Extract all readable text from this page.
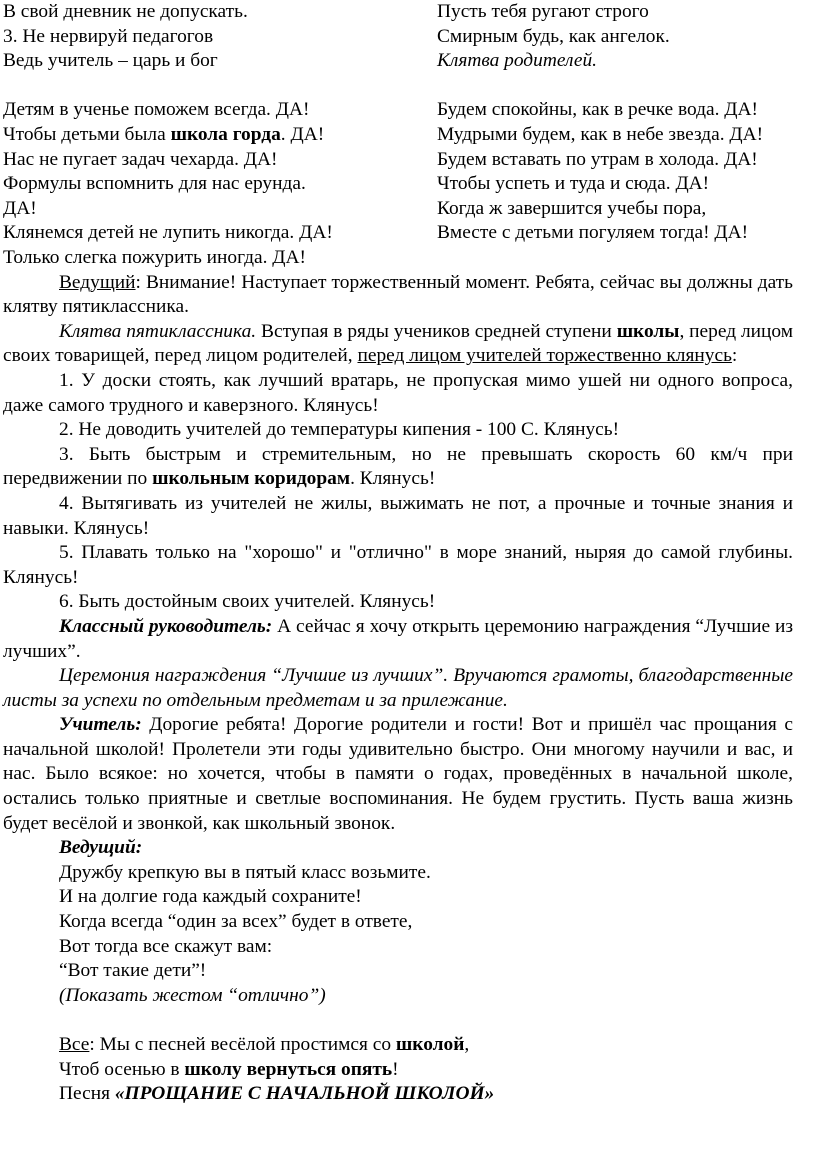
В свой дневник не допускать.
3. Не нервируй педагогов
Ведь учитель – царь и бог
Детям в ученье поможем всегда. ДА!
Чтобы детьми была школа горда. ДА!
Нас не пугает задач чехарда. ДА!
Формулы вспомнить для нас ерунда.
ДА!
Клянемся детей не лупить никогда. ДА!
Только слегка пожурить иногда. ДА!
Пусть тебя ругают строго
Смирным будь, как ангелок.
Клятва родителей.
Будем спокойны, как в речке вода. ДА!
Мудрыми будем, как в небе звезда. ДА!
Будем вставать по утрам в холода. ДА!
Чтобы успеть и туда и сюда. ДА!
Когда ж завершится учебы пора,
Вместе с детьми погуляем тогда! ДА!

Ведущий: Внимание! Наступает торжественный момент. Ребята, сейчас вы должны дать клятву пятиклассника.

Клятва пятиклассника. Вступая в ряды учеников средней ступени школы, перед лицом своих товарищей, перед лицом родителей, перед лицом учителей торжественно клянусь:

1. У доски стоять, как лучший вратарь, не пропуская мимо ушей ни одного вопроса, даже самого трудного и каверзного. Клянусь!

2. Не доводить учителей до температуры кипения - 100 С. Клянусь!

3. Быть быстрым и стремительным, но не превышать скорость 60 км/ч при передвижении по школьным коридорам. Клянусь!

4. Вытягивать из учителей не жилы, выжимать не пот, а прочные и точные знания и навыки. Клянусь!

5. Плавать только на "хорошо" и "отлично" в море знаний, ныряя до самой глубины. Клянусь!

6. Быть достойным своих учителей. Клянусь!

Классный руководитель: А сейчас я хочу открыть церемонию награждения “Лучшие из лучших”.

Церемония награждения “Лучшие из лучших”. Вручаются грамоты, благодарственные листы за успехи по отдельным предметам и за прилежание.

Учитель: Дорогие ребята! Дорогие родители и гости! Вот и пришёл час прощания с начальной школой! Пролетели эти годы удивительно быстро. Они многому научили и вас, и нас. Было всякое: но хочется, чтобы в памяти о годах, проведённых в начальной школе, остались только приятные и светлые воспоминания. Не будем грустить. Пусть ваша жизнь будет весёлой и звонкой, как школьный звонок.

Ведущий:

Дружбу крепкую вы в пятый класс возьмите.

И на долгие года каждый сохраните!

Когда всегда “один за всех” будет в ответе,

Вот тогда все скажут вам:

“Вот такие дети”!

(Показать жестом “отлично”)

Все: Мы с песней весёлой простимся со школой,

Чтоб осенью в школу вернуться опять!

Песня «ПРОЩАНИЕ С НАЧАЛЬНОЙ ШКОЛОЙ»
